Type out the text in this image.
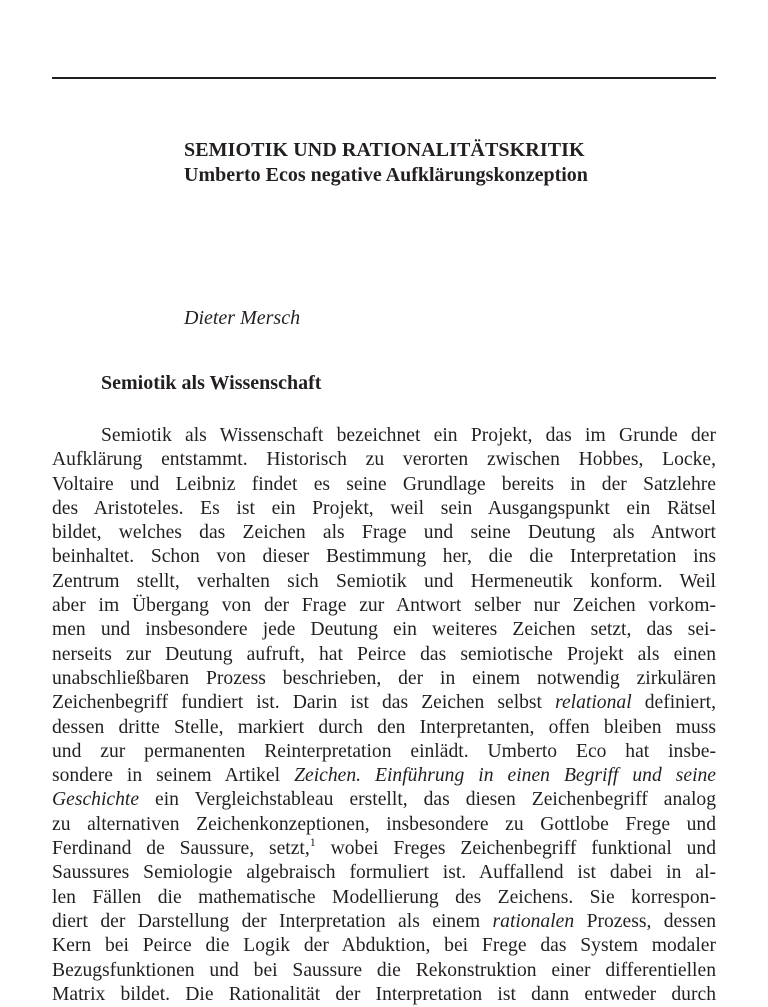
SEMIOTIK UND RATIONALITÄTSKRITIK
Umberto Ecos negative Aufklärungskonzeption
Dieter Mersch
Semiotik als Wissenschaft
Semiotik als Wissenschaft bezeichnet ein Projekt, das im Grunde der
Aufklärung entstammt. Historisch zu verorten zwischen Hobbes, Locke,
Voltaire und Leibniz findet es seine Grundlage bereits in der Satzlehre
des Aristoteles. Es ist ein Projekt, weil sein Ausgangspunkt ein Rätsel
bildet, welches das Zeichen als Frage und seine Deutung als Antwort
beinhaltet. Schon von dieser Bestimmung her, die die Interpretation ins
Zentrum stellt, verhalten sich Semiotik und Hermeneutik konform. Weil
aber im Übergang von der Frage zur Antwort selber nur Zeichen vorkom-
men und insbesondere jede Deutung ein weiteres Zeichen setzt, das sei-
nerseits zur Deutung aufruft, hat Peirce das semiotische Projekt als einen
unabschließbaren Prozess beschrieben, der in einem notwendig zirkulären
Zeichenbegriff fundiert ist. Darin ist das Zeichen selbst relational definiert,
dessen dritte Stelle, markiert durch den Interpretanten, offen bleiben muss
und zur permanenten Reinterpretation einlädt. Umberto Eco hat insbe-
sondere in seinem Artikel Zeichen. Einführung in einen Begriff und seine
Geschichte ein Vergleichstableau erstellt, das diesen Zeichenbegriff analog
zu alternativen Zeichenkonzeptionen, insbesondere zu Gottlobe Frege und
Ferdinand de Saussure, setzt,$^1$ wobei Freges Zeichenbegriff funktional und
Saussures Semiologie algebraisch formuliert ist. Auffallend ist dabei in al-
len Fällen die mathematische Modellierung des Zeichens. Sie korrespon-
diert der Darstellung der Interpretation als einem rationalen Prozess, dessen
Kern bei Peirce die Logik der Abduktion, bei Frege das System modaler
Bezugsfunktionen und bei Saussure die Rekonstruktion einer differentiellen
Matrix bildet. Die Rationalität der Interpretation ist dann entweder durch
